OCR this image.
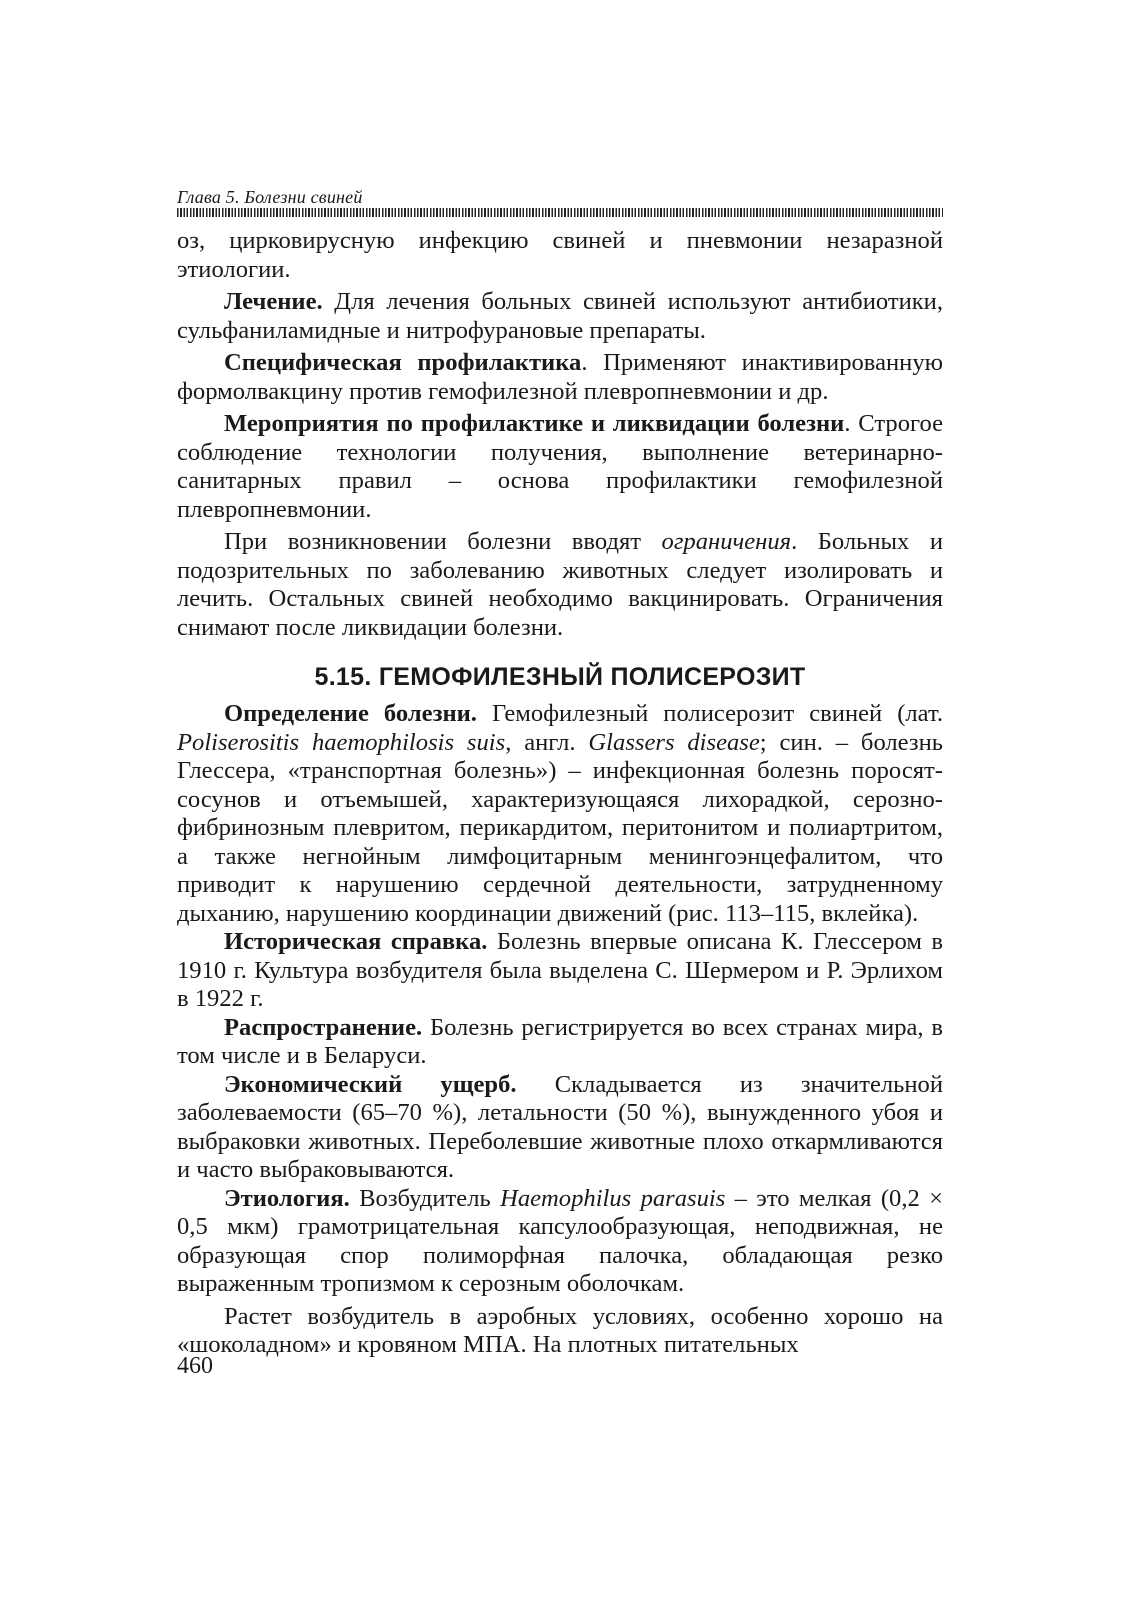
Глава 5. Болезни свиней

оз, цирковирусную инфекцию свиней и пневмонии незаразной этиологии.

Лечение. Для лечения больных свиней используют антибиотики, сульфаниламидные и нитрофурановые препараты.

Специфическая профилактика. Применяют инактивированную формолвакцину против гемофилезной плевропневмонии и др.

Мероприятия по профилактике и ликвидации болезни. Строгое соблюдение технологии получения, выполнение ветеринарно-санитарных правил – основа профилактики гемофилезной плевропневмонии.

При возникновении болезни вводят ограничения. Больных и подозрительных по заболеванию животных следует изолировать и лечить. Остальных свиней необходимо вакцинировать. Ограничения снимают после ликвидации болезни.

5.15. ГЕМОФИЛЕЗНЫЙ ПОЛИСЕРОЗИТ

Определение болезни. Гемофилезный полисерозит свиней (лат. Poliserositis haemophilosis suis, англ. Glassers disease; син. – болезнь Глессера, «транспортная болезнь») – инфекционная болезнь поросят-сосунов и отъемышей, характеризующаяся лихорадкой, серозно-фибринозным плевритом, перикардитом, перитонитом и полиартритом, а также негнойным лимфоцитарным менингоэнцефалитом, что приводит к нарушению сердечной деятельности, затрудненному дыханию, нарушению координации движений (рис. 113–115, вклейка).

Историческая справка. Болезнь впервые описана К. Глессером в 1910 г. Культура возбудителя была выделена С. Шермером и Р. Эрлихом в 1922 г.

Распространение. Болезнь регистрируется во всех странах мира, в том числе и в Беларуси.

Экономический ущерб. Складывается из значительной заболеваемости (65–70 %), летальности (50 %), вынужденного убоя и выбраковки животных. Переболевшие животные плохо откармливаются и часто выбраковываются.

Этиология. Возбудитель Haemophilus parasuis – это мелкая (0,2 × 0,5 мкм) грамотрицательная капсулообразующая, неподвижная, не образующая спор полиморфная палочка, обладающая резко выраженным тропизмом к серозным оболочкам.

Растет возбудитель в аэробных условиях, особенно хорошо на «шоколадном» и кровяном МПА. На плотных питательных

460
